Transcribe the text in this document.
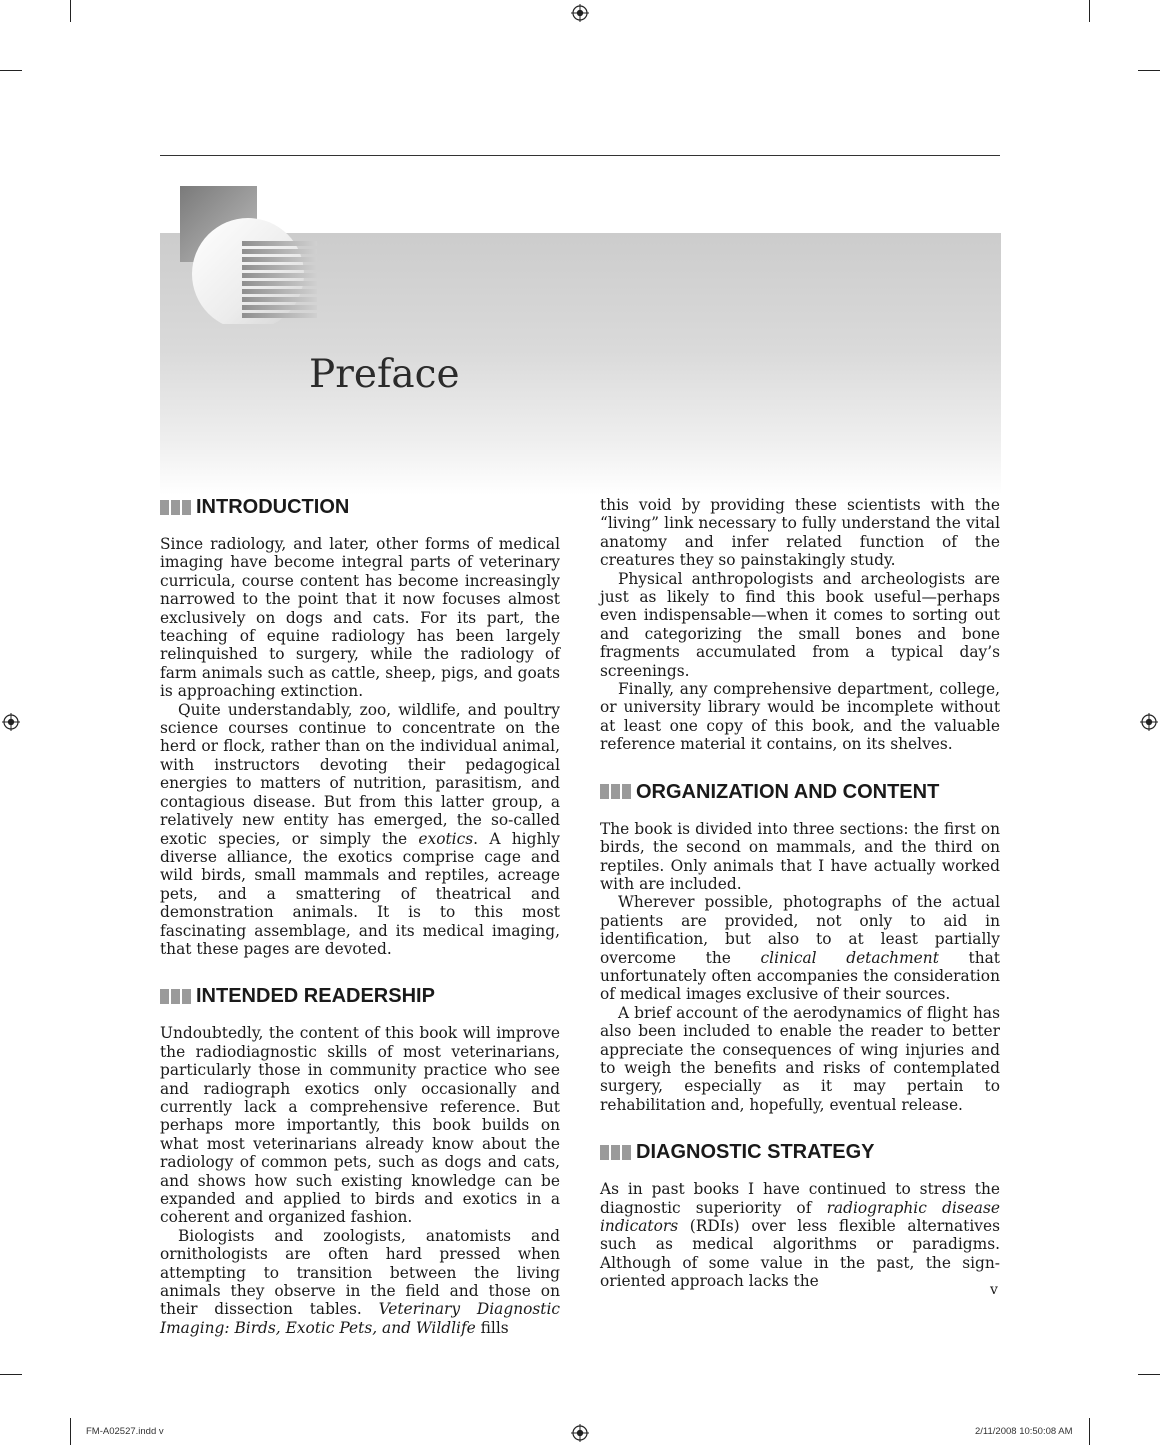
Preface
INTRODUCTION

Since radiology, and later, other forms of medical imaging have become integral parts of veterinary curricula, course content has become increasingly narrowed to the point that it now focuses almost exclusively on dogs and cats. For its part, the teaching of equine radiology has been largely relinquished to surgery, while the radiology of farm animals such as cattle, sheep, pigs, and goats is approaching extinction.

Quite understandably, zoo, wildlife, and poultry science courses continue to concentrate on the herd or flock, rather than on the individual animal, with instructors devoting their pedagogical energies to matters of nutrition, parasitism, and contagious disease. But from this latter group, a relatively new entity has emerged, the so-called exotic species, or simply the exotics. A highly diverse alliance, the exotics comprise cage and wild birds, small mammals and reptiles, acreage pets, and a smattering of theatrical and demonstration animals. It is to this most fascinating assemblage, and its medical imaging, that these pages are devoted.

INTENDED READERSHIP

Undoubtedly, the content of this book will improve the radiodiagnostic skills of most veterinarians, particularly those in community practice who see and radiograph exotics only occasionally and currently lack a comprehensive reference. But perhaps more importantly, this book builds on what most veterinarians already know about the radiology of common pets, such as dogs and cats, and shows how such existing knowledge can be expanded and applied to birds and exotics in a coherent and organized fashion.

Biologists and zoologists, anatomists and ornithologists are often hard pressed when attempting to transition between the living animals they observe in the field and those on their dissection tables. Veterinary Diagnostic Imaging: Birds, Exotic Pets, and Wildlife fills

this void by providing these scientists with the “living” link necessary to fully understand the vital anatomy and infer related function of the creatures they so painstakingly study.

Physical anthropologists and archeologists are just as likely to find this book useful—perhaps even indispensable—when it comes to sorting out and categorizing the small bones and bone fragments accumulated from a typical day’s screenings.

Finally, any comprehensive department, college, or university library would be incomplete without at least one copy of this book, and the valuable reference material it contains, on its shelves.

ORGANIZATION AND CONTENT

The book is divided into three sections: the first on birds, the second on mammals, and the third on reptiles. Only animals that I have actually worked with are included.

Wherever possible, photographs of the actual patients are provided, not only to aid in identification, but also to at least partially overcome the clinical detachment that unfortunately often accompanies the consideration of medical images exclusive of their sources.

A brief account of the aerodynamics of flight has also been included to enable the reader to better appreciate the consequences of wing injuries and to weigh the benefits and risks of contemplated surgery, especially as it may pertain to rehabilitation and, hopefully, eventual release.

DIAGNOSTIC STRATEGY

As in past books I have continued to stress the diagnostic superiority of radiographic disease indicators (RDIs) over less flexible alternatives such as medical algorithms or paradigms. Although of some value in the past, the sign-oriented approach lacks the	v
FM-A02527.indd v	2/11/2008 10:50:08 AM
